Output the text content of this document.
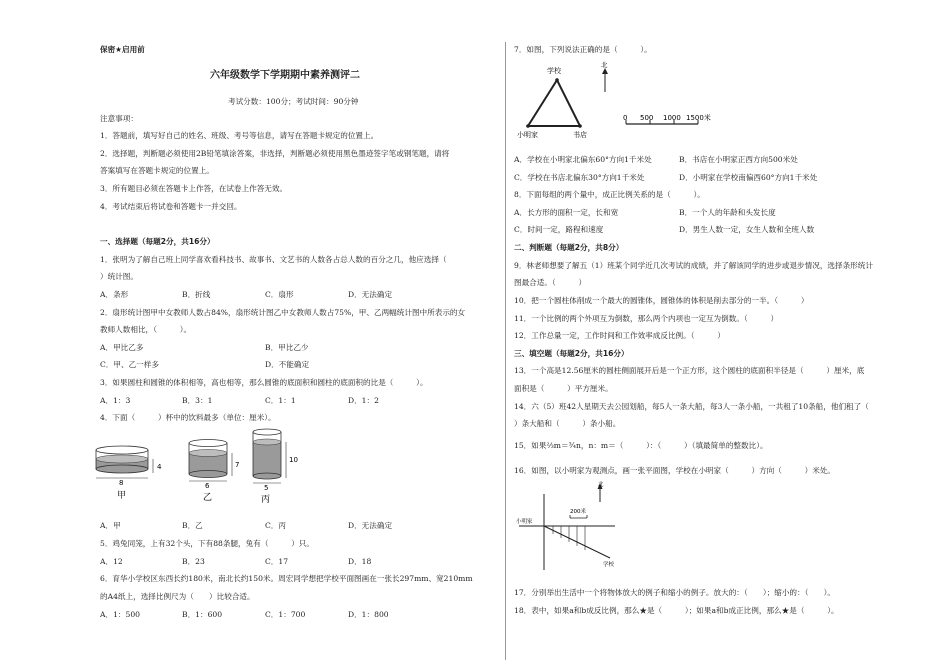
保密★启用前
六年级数学下学期期中素养测评二
考试分数：100分；考试时间：90分钟
注意事项：
1．答题前，填写好自己的姓名、班级、考号等信息，请写在答题卡规定的位置上。
2．选择题，判断题必须使用2B铅笔填涂答案，非选择，判断题必须使用黑色墨迹签字笔或钢笔题，请将
答案填写在答题卡规定的位置上。
3．所有题目必须在答题卡上作答，在试卷上作答无效。
4．考试结束后将试卷和答题卡一并交回。
一、选择题（每题2分，共16分）
1．张明为了解自己班上同学喜欢看科技书、故事书、文艺书的人数各占总人数的百分之几，他应选择（
）统计图。
A．条形	B．折线	C．扇形	D．无法确定
2．扇形统计图甲中女教师人数占84%，扇形统计图乙中女教师人数占75%，甲、乙两幅统计图中所表示的女
教师人数相比，（　　　）。
A．甲比乙多	B．甲比乙少
C．甲、乙一样多	D．不能确定
3．如果圆柱和圆锥的体积相等，高也相等，那么圆锥的底面积和圆柱的底面积的比是（　　　）。
A．1：3	B．3：1	C．1：1	D．1：2
4．下面（　　　）杯中的饮料最多（单位：厘米）。
4
8
甲
7
6
乙
10
5
丙
A．甲	B．乙	C．丙	D．无法确定
5．鸡兔同笼，上有32个头，下有88条腿，兔有（　　　）只。
A．12	B．23	C．17	D．18
6．育华小学校区东西长约180米，南北长约150米。周宏同学想把学校平面图画在一张长297mm、宽210mm
的A4纸上，选择比例尺为（　　）比较合适。
A．1：500	B．1：600	C．1：700	D．1：800
7．如图，下列说法正确的是（　　　）。
学校
小明家	书店
北
0 500 1000 1500米
A．学校在小明家北偏东60°方向1千米处	B．书店在小明家正西方向500米处
C．学校在书店北偏东30°方向1千米处	D．小明家在学校南偏西60°方向1千米处
8．下面每组的两个量中，成正比例关系的是（　　　）。
A．长方形的面积一定，长和宽	B．一个人的年龄和头发长度
C．时间一定，路程和速度	D．男生人数一定，女生人数和全班人数
二、判断题（每题2分，共8分）
9．林老师想要了解五（1）班某个同学近几次考试的成绩，并了解该同学的进步或退步情况，选择条形统计
图最合适。（　　　）
10．把一个圆柱体削成一个最大的圆锥体，圆锥体的体积是削去部分的一半。（　　　）
11．一个比例的两个外项互为倒数，那么两个内项也一定互为倒数。（　　　）
12．工作总量一定，工作时间和工作效率成反比例。（　　　）
三、填空题（每题2分，共16分）
13．一个高是12.56厘米的圆柱侧面展开后是一个正方形，这个圆柱的底面积半径是（　　　）厘米，底
面积是（　　　）平方厘米。
14．六（5）班42人星期天去公园划船，每5人一条大船，每3人一条小船，一共租了10条船，他们租了（
）条大船和（　　　）条小船。
15．如果⅔m＝¾n，n：m＝（　　　）：（　　　）（填最简单的整数比）。
16．如图，以小明家为观测点，画一张平面图，学校在小明家（　　　）方向（　　　）米处。
北
小明家
200米
学校
17．分别举出生活中一个将物体放大的例子和缩小的例子。放大的：（　　）；缩小的：（　　）。
18．表中，如果a和b成反比例，那么★是（　　　）；如果a和b成正比例，那么★是（　　　）。
